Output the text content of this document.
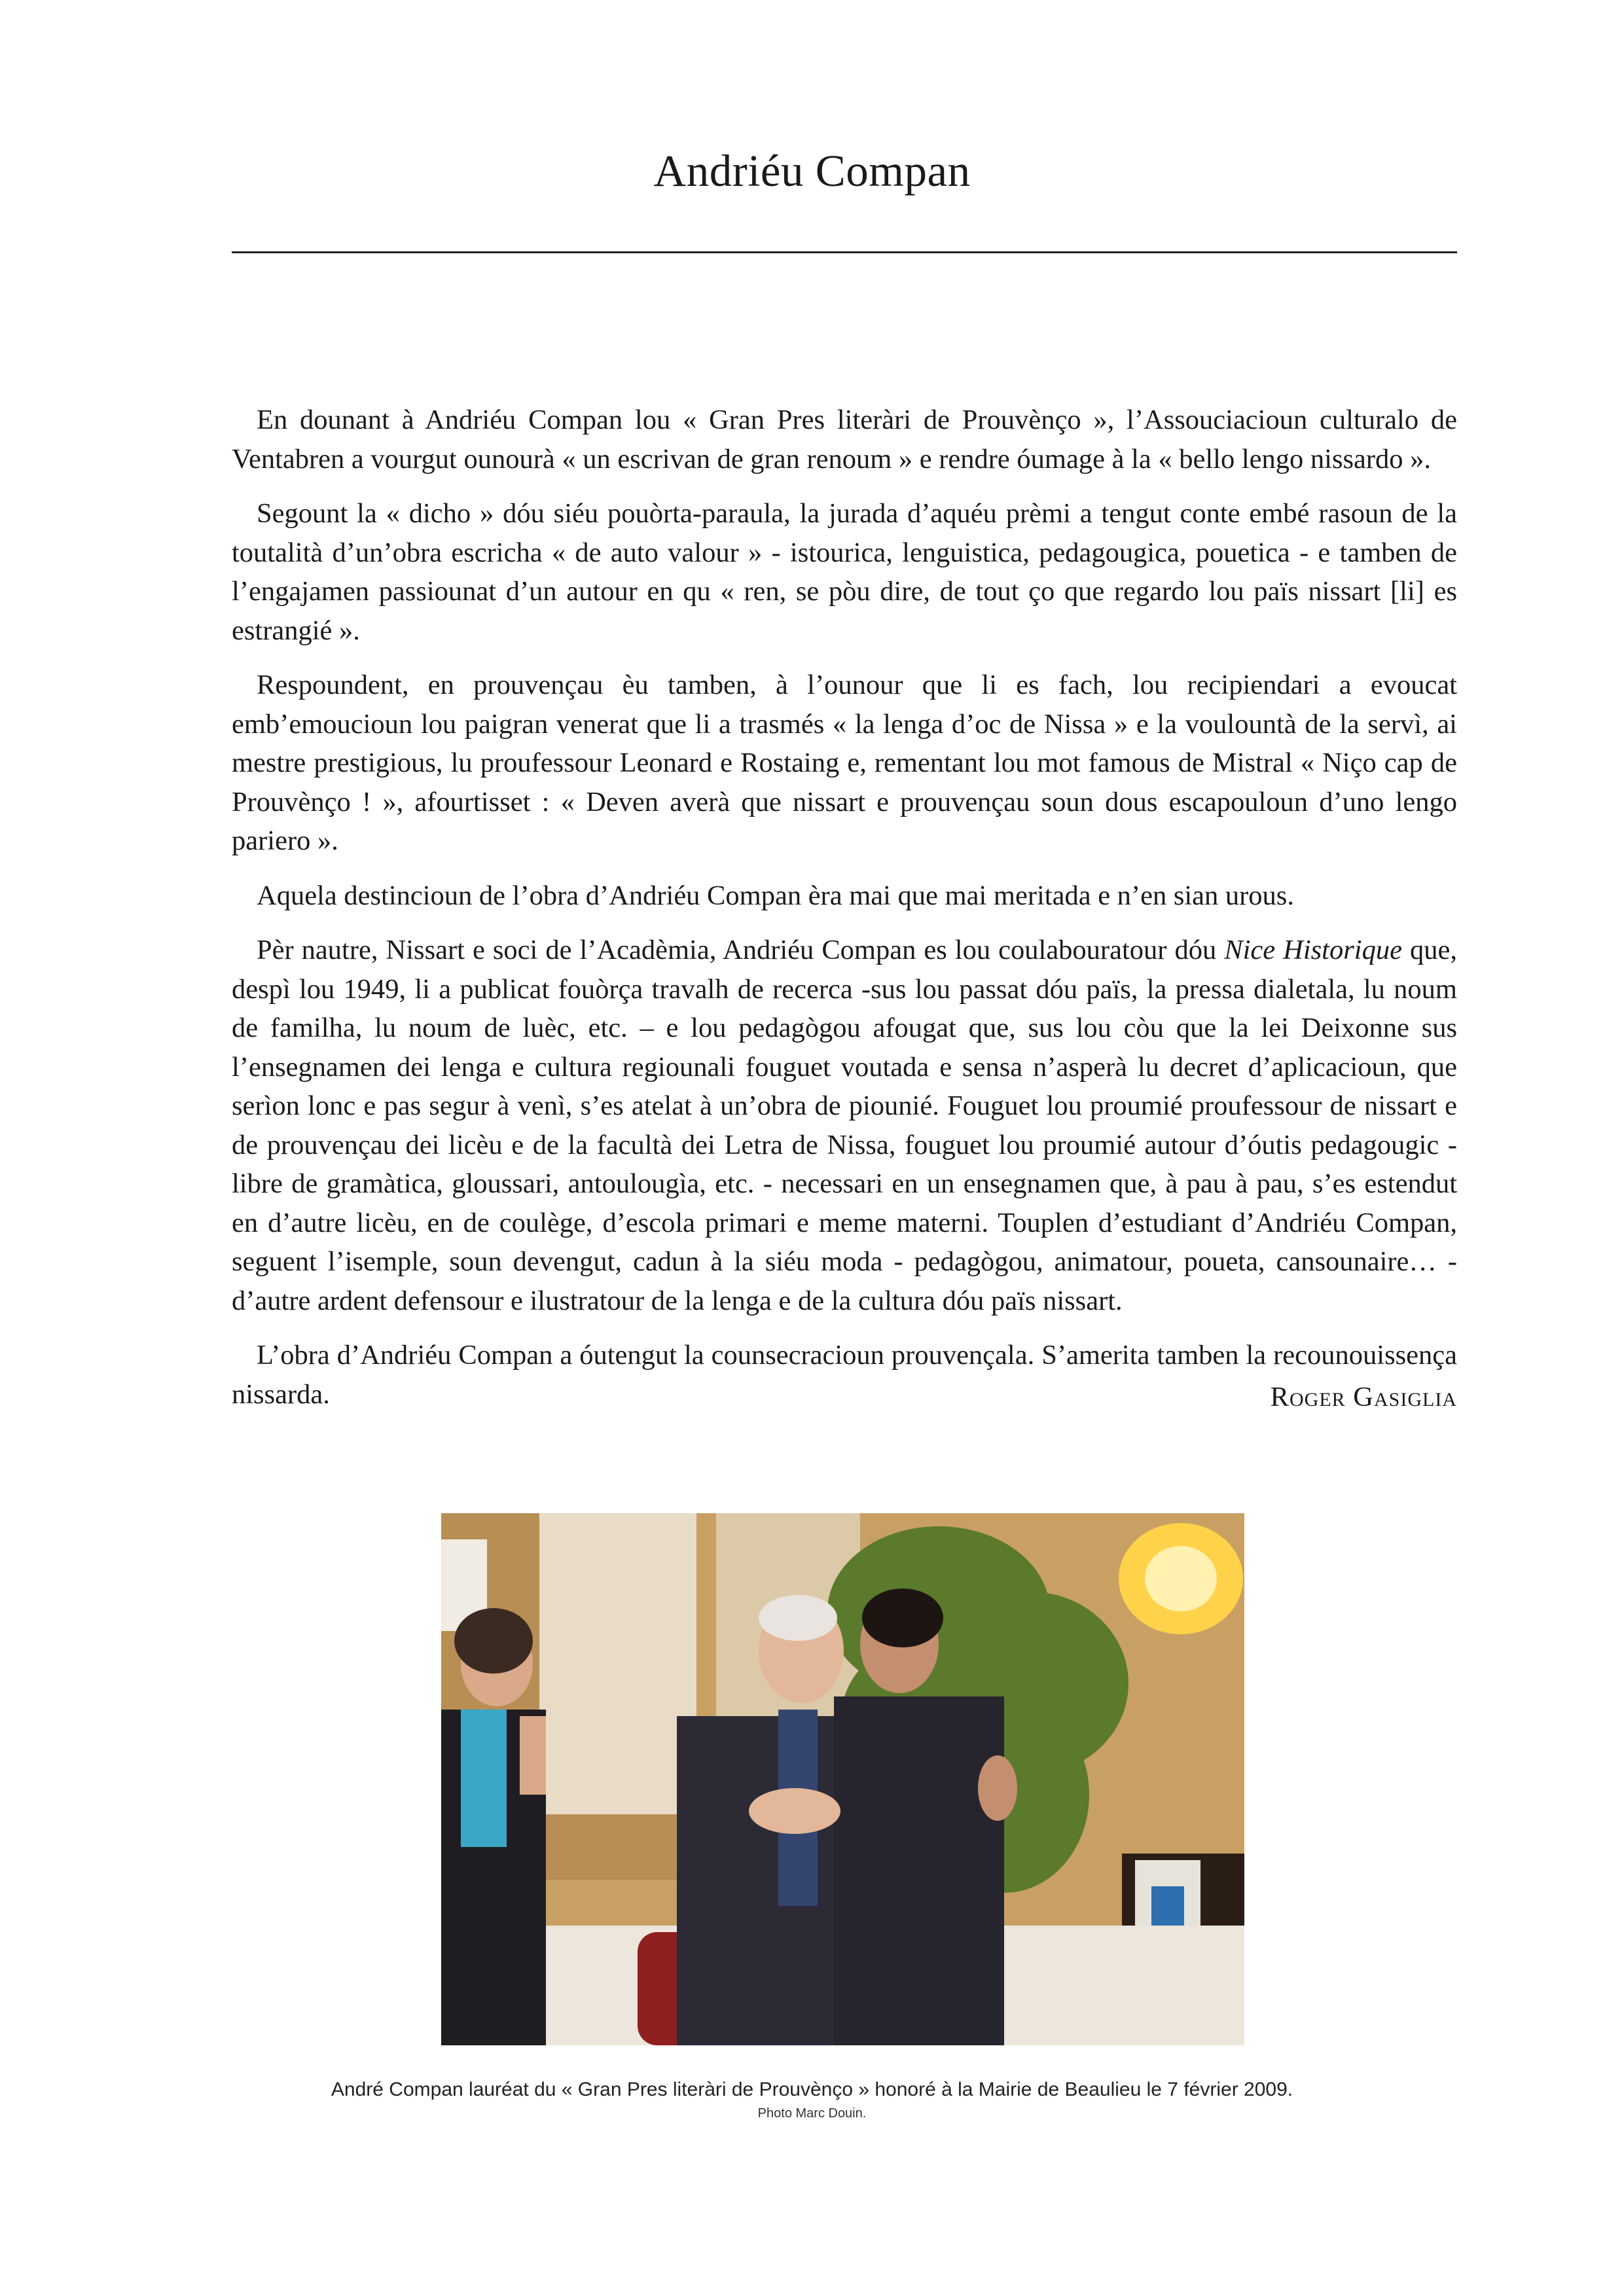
Andriéu Compan

En dounant à Andriéu Compan lou « Gran Pres literàri de Prouvènço », l’Assouciacioun culturalo de Ventabren a vourgut ounourà « un escrivan de gran renoum » e rendre óumage à la « bello lengo nissardo ».

Segount la « dicho » dóu siéu pouòrta-paraula, la jurada d’aquéu prèmi a tengut conte embé rasoun de la toutalità d’un’obra escricha « de auto valour » - istourica, lenguistica, pedagougica, pouetica - e tamben de l’engajamen passiounat d’un autour en qu « ren, se pòu dire, de tout ço que regardo lou païs nissart [li] es estrangié ».

Respoundent, en prouvençau èu tamben, à l’ounour que li es fach, lou recipiendari a evoucat emb’emoucioun lou paigran venerat que li a trasmés « la lenga d’oc de Nissa » e la voulountà de la servì, ai mestre prestigious, lu proufessour Leonard e Rostaing e, rementant lou mot famous de Mistral « Niço cap de Prouvènço ! », afourtisset : « Deven averà que nissart e prouvençau soun dous escapouloun d’uno lengo pariero ».

Aquela destincioun de l’obra d’Andriéu Compan èra mai que mai meritada e n’en sian urous.

Pèr nautre, Nissart e soci de l’Acadèmia, Andriéu Compan es lou coulabouratour dóu Nice Historique que, despì lou 1949, li a publicat fouòrça travalh de recerca -sus lou passat dóu païs, la pressa dialetala, lu noum de familha, lu noum de luèc, etc. – e lou pedagògou afougat que, sus lou còu que la lei Deixonne sus l’ensegnamen dei lenga e cultura regiounali fouguet voutada e sensa n’asperà lu decret d’aplicacioun, que serìon lonc e pas segur à venì, s’es atelat à un’obra de piounié. Fouguet lou proumié proufessour de nissart e de prouvençau dei licèu e de la facultà dei Letra de Nissa, fouguet lou proumié autour d’óutis pedagougic - libre de gramàtica, gloussari, antoulougìa, etc. - necessari en un ensegnamen que, à pau à pau, s’es estendut en d’autre licèu, en de coulège, d’escola primari e meme materni. Touplen d’estudiant d’Andriéu Compan, seguent l’isemple, soun devengut, cadun à la siéu moda - pedagògou, animatour, poueta, cansounaire… -d’autre ardent defensour e ilustratour de la lenga e de la cultura dóu païs nissart.

L’obra d’Andriéu Compan a óutengut la counsecracioun prouvençala. S’amerita tamben la recounouissença nissarda.	Roger Gasiglia
André Compan lauréat du « Gran Pres literàri de Prouvènço » honoré à la Mairie de Beaulieu le 7 février 2009.
Photo Marc Douin.
